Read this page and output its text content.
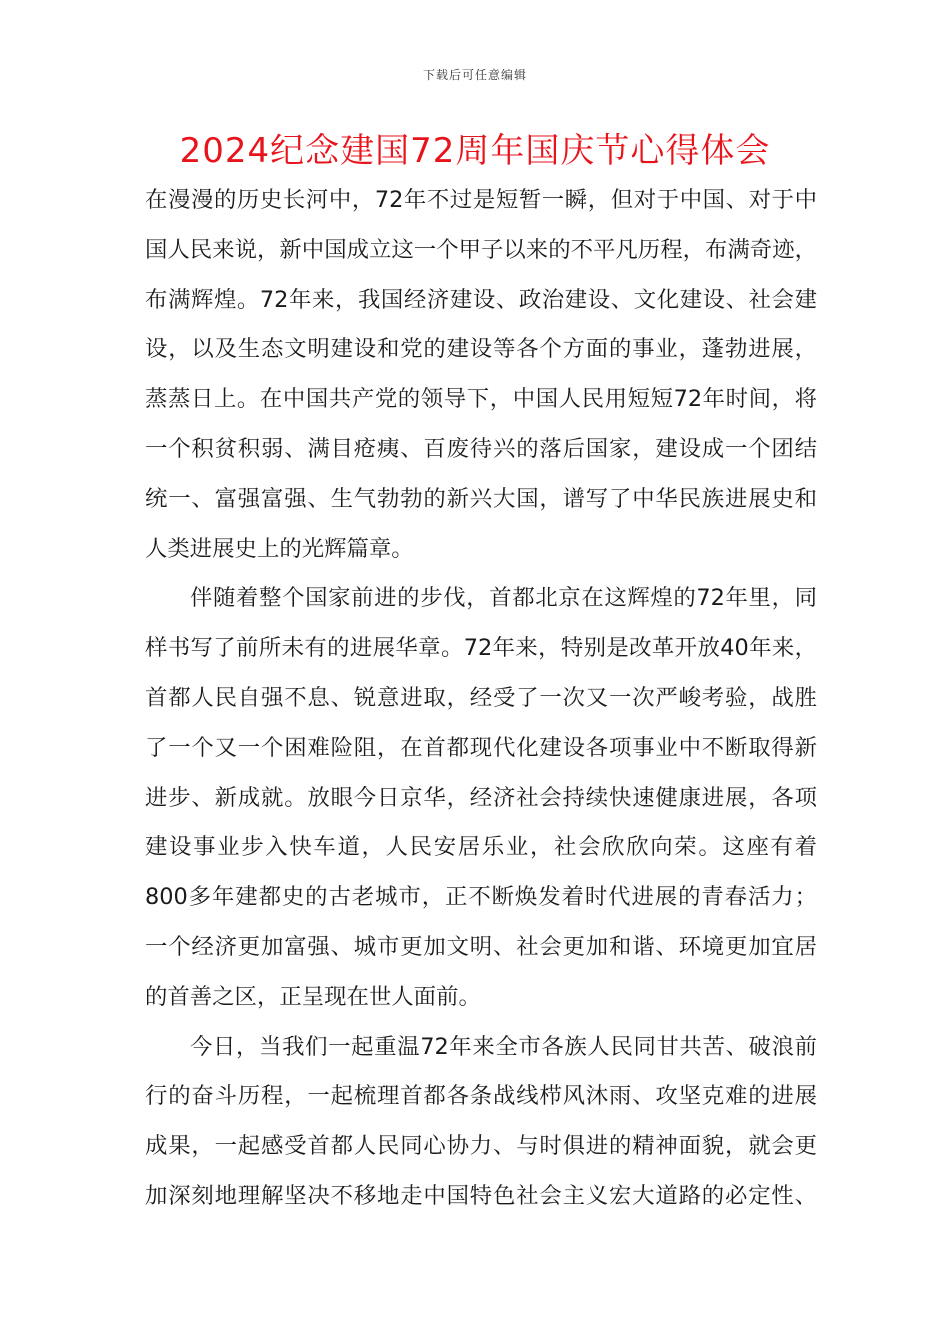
下载后可任意编辑
2024纪念建国72周年国庆节心得体会
在漫漫的历史长河中，72年不过是短暂一瞬，但对于中国、对于中
国人民来说，新中国成立这一个甲子以来的不平凡历程，布满奇迹，
布满辉煌。72年来，我国经济建设、政治建设、文化建设、社会建
设，以及生态文明建设和党的建设等各个方面的事业，蓬勃进展，
蒸蒸日上。在中国共产党的领导下，中国人民用短短72年时间，将
一个积贫积弱、满目疮痍、百废待兴的落后国家，建设成一个团结
统一、富强富强、生气勃勃的新兴大国，谱写了中华民族进展史和
人类进展史上的光辉篇章。
伴随着整个国家前进的步伐，首都北京在这辉煌的72年里，同
样书写了前所未有的进展华章。72年来，特别是改革开放40年来，
首都人民自强不息、锐意进取，经受了一次又一次严峻考验，战胜
了一个又一个困难险阻，在首都现代化建设各项事业中不断取得新
进步、新成就。放眼今日京华，经济社会持续快速健康进展，各项
建设事业步入快车道，人民安居乐业，社会欣欣向荣。这座有着
800多年建都史的古老城市，正不断焕发着时代进展的青春活力；
一个经济更加富强、城市更加文明、社会更加和谐、环境更加宜居
的首善之区，正呈现在世人面前。
今日，当我们一起重温72年来全市各族人民同甘共苦、破浪前
行的奋斗历程，一起梳理首都各条战线栉风沐雨、攻坚克难的进展
成果，一起感受首都人民同心协力、与时俱进的精神面貌，就会更
加深刻地理解坚决不移地走中国特色社会主义宏大道路的必定性、
